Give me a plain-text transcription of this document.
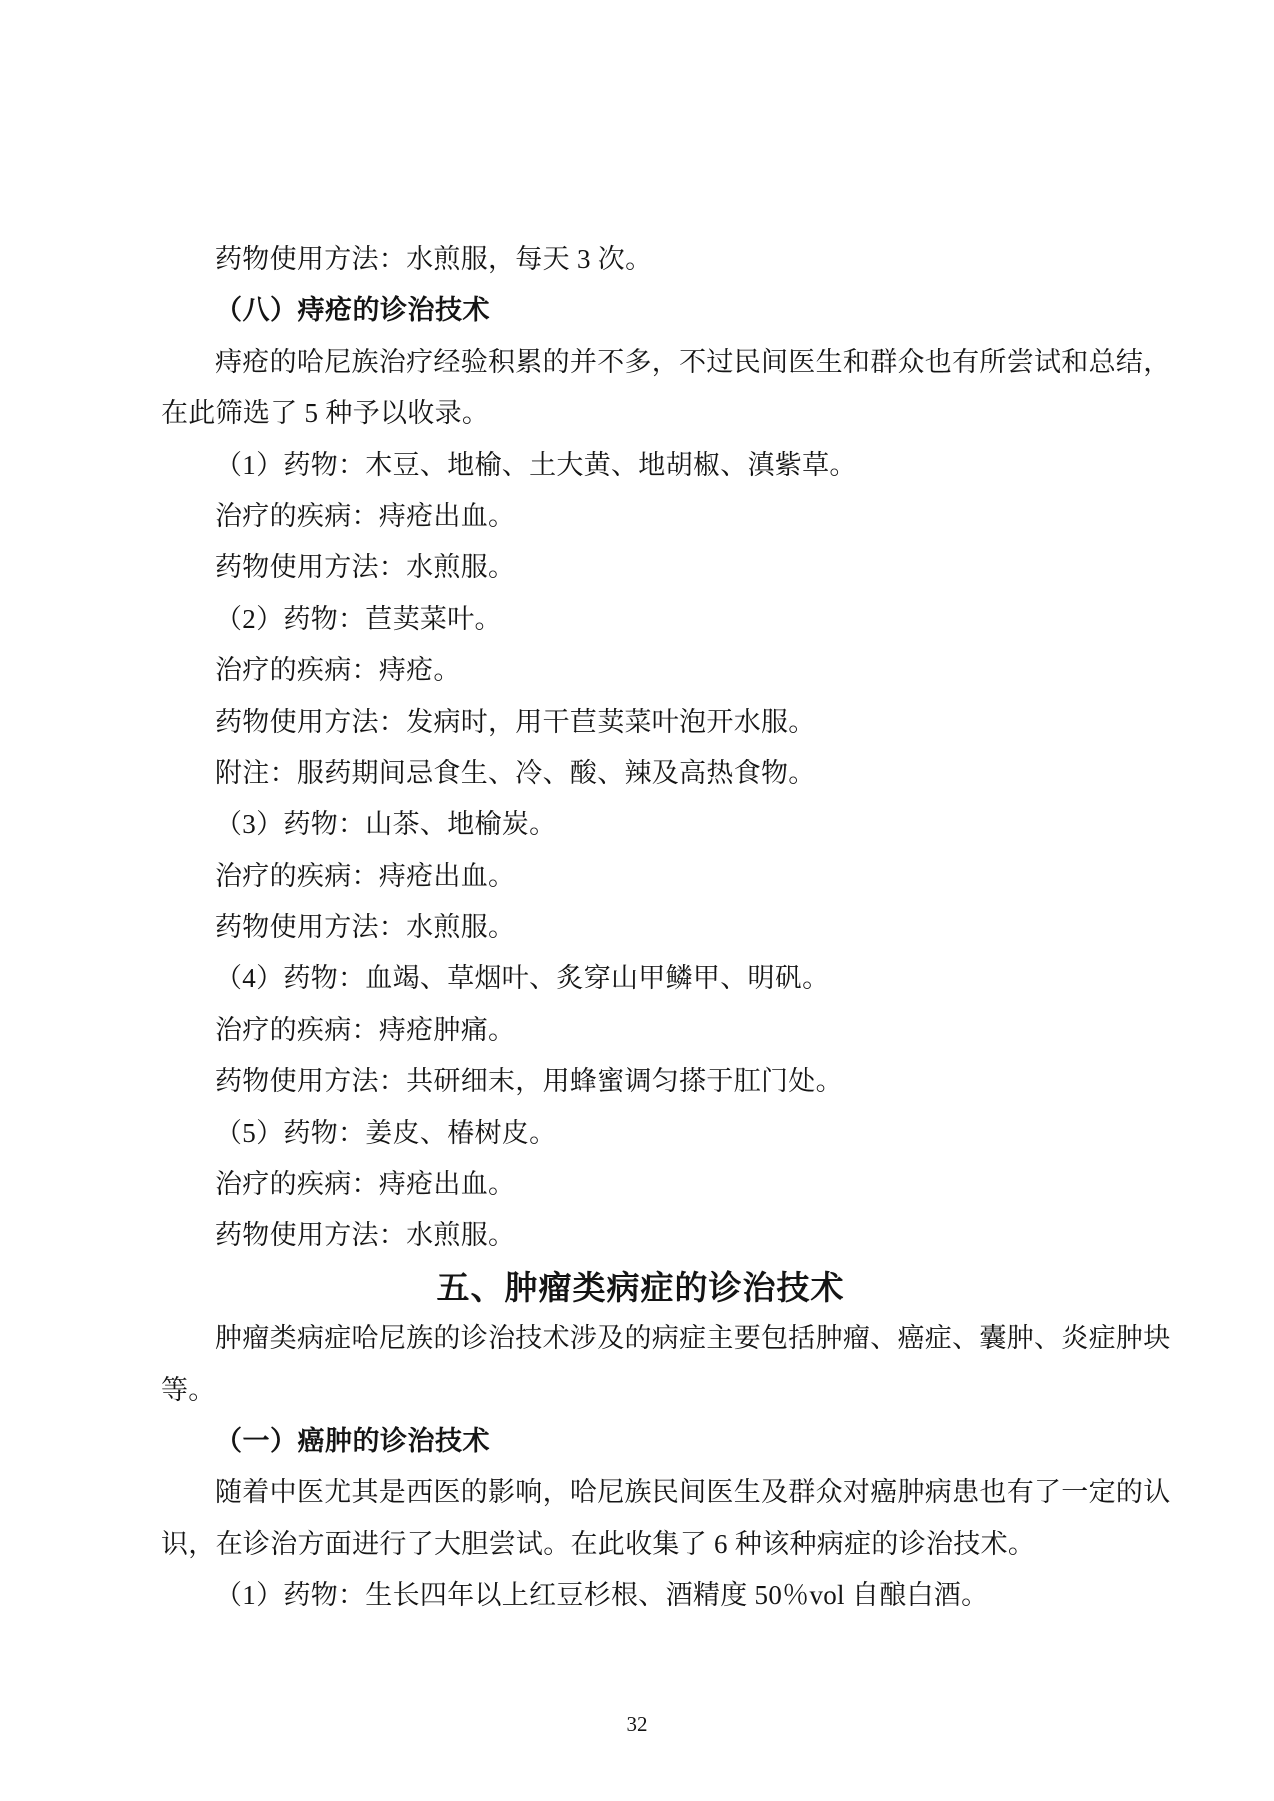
药物使用方法：水煎服，每天 3 次。
（八）痔疮的诊治技术
痔疮的哈尼族治疗经验积累的并不多，不过民间医生和群众也有所尝试和总结，
在此筛选了 5 种予以收录。
（1）药物：木豆、地榆、土大黄、地胡椒、滇紫草。
治疗的疾病：痔疮出血。
药物使用方法：水煎服。
（2）药物：苣荬菜叶。
治疗的疾病：痔疮。
药物使用方法：发病时，用干苣荬菜叶泡开水服。
附注：服药期间忌食生、冷、酸、辣及高热食物。
（3）药物：山茶、地榆炭。
治疗的疾病：痔疮出血。
药物使用方法：水煎服。
（4）药物：血竭、草烟叶、炙穿山甲鳞甲、明矾。
治疗的疾病：痔疮肿痛。
药物使用方法：共研细末，用蜂蜜调匀搽于肛门处。
（5）药物：姜皮、椿树皮。
治疗的疾病：痔疮出血。
药物使用方法：水煎服。
五、肿瘤类病症的诊治技术
肿瘤类病症哈尼族的诊治技术涉及的病症主要包括肿瘤、癌症、囊肿、炎症肿块
等。
（一）癌肿的诊治技术
随着中医尤其是西医的影响，哈尼族民间医生及群众对癌肿病患也有了一定的认
识，在诊治方面进行了大胆尝试。在此收集了 6 种该种病症的诊治技术。
（1）药物：生长四年以上红豆杉根、酒精度 50％vol 自酿白酒。
32
